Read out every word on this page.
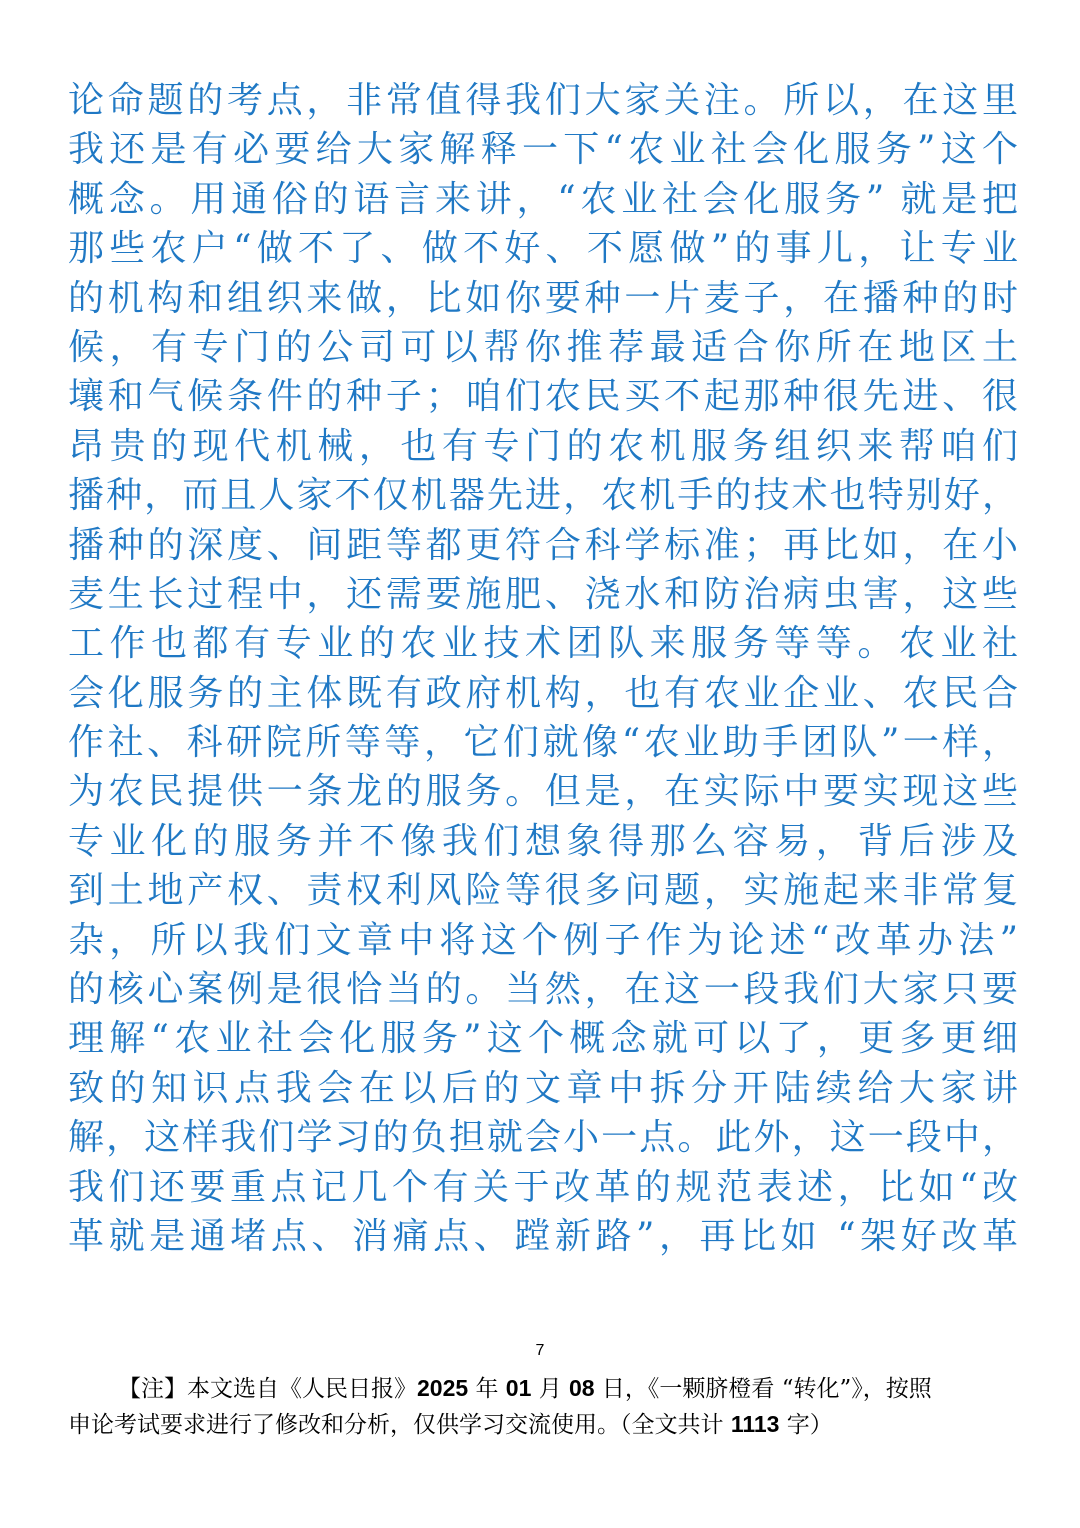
论命题的考点，非常值得我们大家关注。所以，在这里
我还是有必要给大家解释一下“农业社会化服务”这个
概念。用通俗的语言来讲，“农业社会化服务” 就是把
那些农户“做不了、做不好、不愿做”的事儿，让专业
的机构和组织来做，比如你要种一片麦子，在播种的时
候，有专门的公司可以帮你推荐最适合你所在地区土
壤和气候条件的种子；咱们农民买不起那种很先进、很
昂贵的现代机械，也有专门的农机服务组织来帮咱们
播种，而且人家不仅机器先进，农机手的技术也特别好，
播种的深度、间距等都更符合科学标准；再比如，在小
麦生长过程中，还需要施肥、浇水和防治病虫害，这些
工作也都有专业的农业技术团队来服务等等。农业社
会化服务的主体既有政府机构，也有农业企业、农民合
作社、科研院所等等，它们就像“农业助手团队”一样，
为农民提供一条龙的服务。但是，在实际中要实现这些
专业化的服务并不像我们想象得那么容易，背后涉及
到土地产权、责权利风险等很多问题，实施起来非常复
杂，所以我们文章中将这个例子作为论述“改革办法”
的核心案例是很恰当的。当然，在这一段我们大家只要
理解“农业社会化服务”这个概念就可以了，更多更细
致的知识点我会在以后的文章中拆分开陆续给大家讲
解，这样我们学习的负担就会小一点。此外，这一段中，
我们还要重点记几个有关于改革的规范表述，比如“改
革就是通堵点、消痛点、蹚新路”，再比如 “架好改革
7
【注】本文选自《人民日报》2025 年 01 月 08 日，《一颗脐橙看 “转化”》，按照
申论考试要求进行了修改和分析，仅供学习交流使用。（全文共计 1113 字）
